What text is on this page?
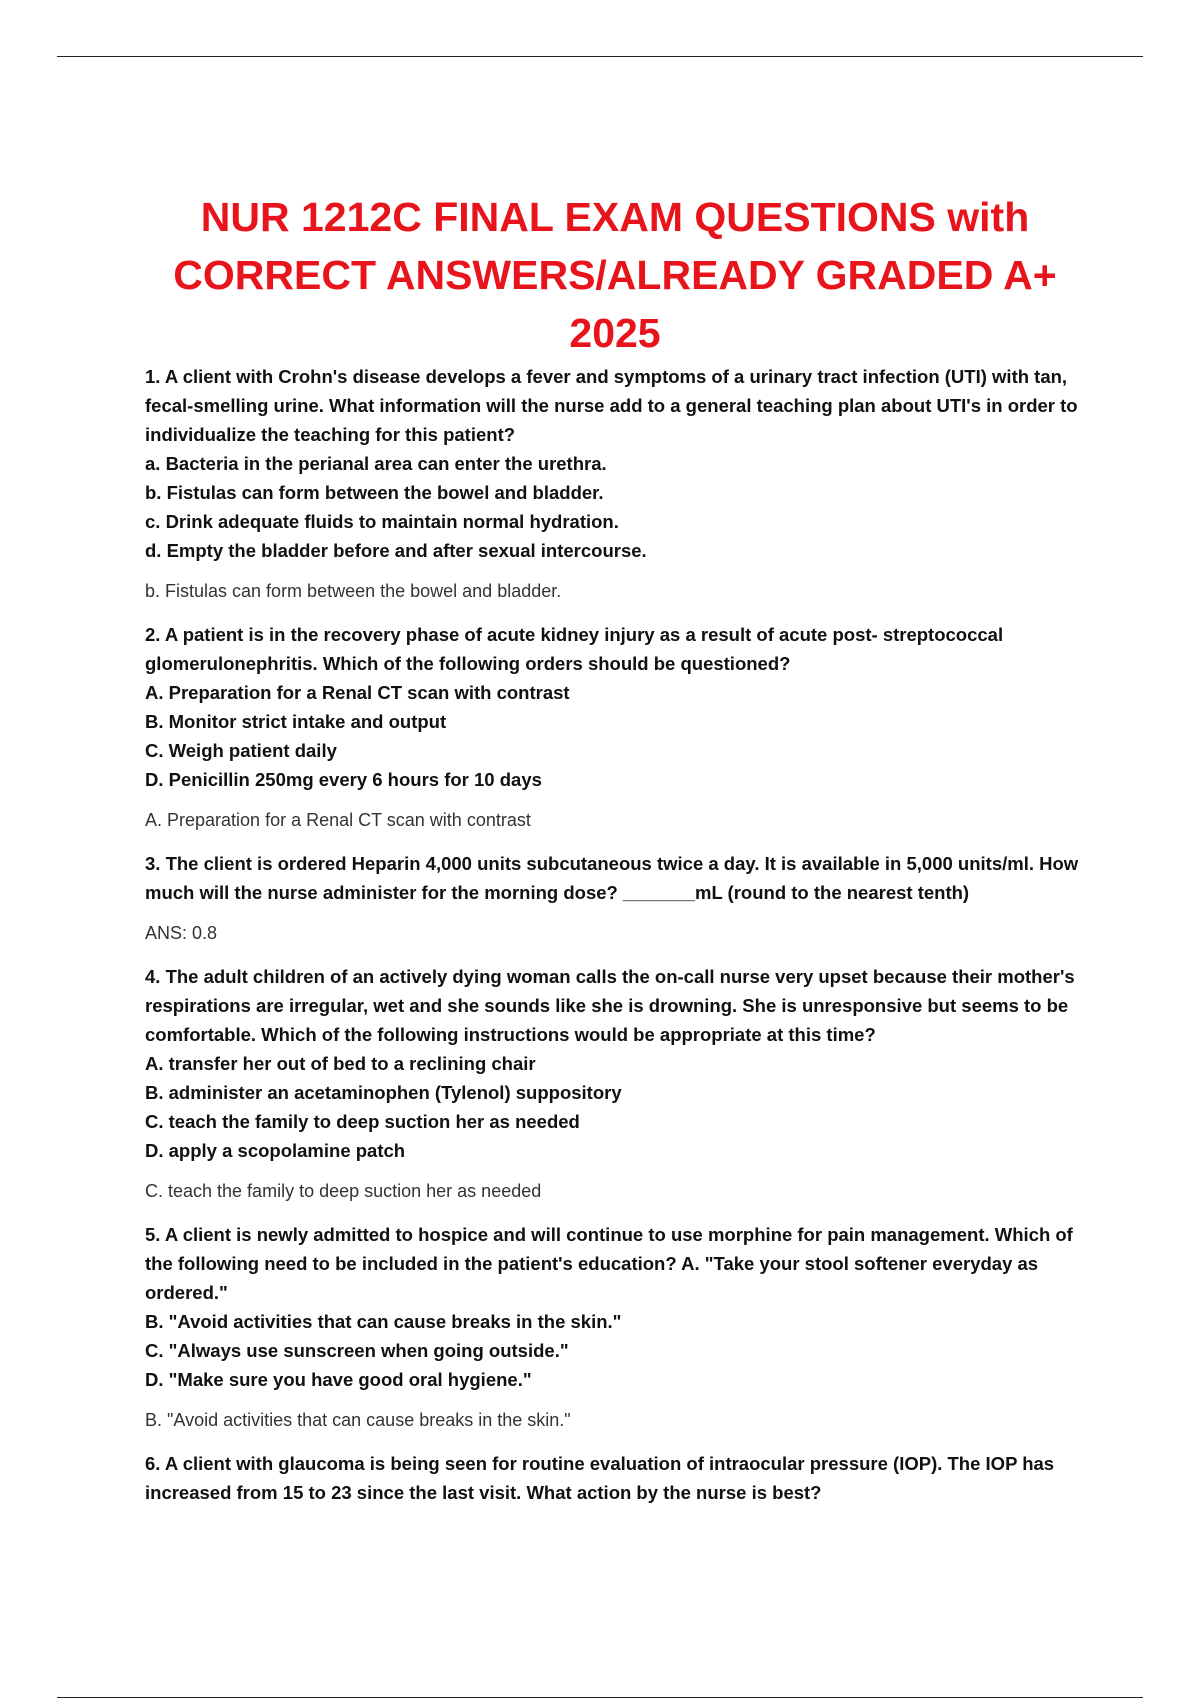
NUR 1212C FINAL EXAM QUESTIONS with
CORRECT ANSWERS/ALREADY GRADED A+
2025

1. A client with Crohn's disease develops a fever and symptoms of a urinary tract infection (UTI) with tan, fecal-smelling urine. What information will the nurse add to a general teaching plan about UTI's in order to individualize the teaching for this patient?

a. Bacteria in the perianal area can enter the urethra.
b. Fistulas can form between the bowel and bladder.
c. Drink adequate fluids to maintain normal hydration.
d. Empty the bladder before and after sexual intercourse.

b. Fistulas can form between the bowel and bladder.

2. A patient is in the recovery phase of acute kidney injury as a result of acute post- streptococcal glomerulonephritis. Which of the following orders should be questioned?

A. Preparation for a Renal CT scan with contrast
B. Monitor strict intake and output
C. Weigh patient daily
D. Penicillin 250mg every 6 hours for 10 days

A. Preparation for a Renal CT scan with contrast

3. The client is ordered Heparin 4,000 units subcutaneous twice a day. It is available in 5,000 units/ml. How much will the nurse administer for the morning dose? _______mL (round to the nearest tenth)

ANS: 0.8

4. The adult children of an actively dying woman calls the on-call nurse very upset because their mother's respirations are irregular, wet and she sounds like she is drowning. She is unresponsive but seems to be comfortable. Which of the following instructions would be appropriate at this time?

A. transfer her out of bed to a reclining chair
B. administer an acetaminophen (Tylenol) suppository
C. teach the family to deep suction her as needed
D. apply a scopolamine patch

C. teach the family to deep suction her as needed

5. A client is newly admitted to hospice and will continue to use morphine for pain management. Which of the following need to be included in the patient's education? A. "Take your stool softener everyday as ordered."

B. "Avoid activities that can cause breaks in the skin."
C. "Always use sunscreen when going outside."
D. "Make sure you have good oral hygiene."

B. "Avoid activities that can cause breaks in the skin."

6. A client with glaucoma is being seen for routine evaluation of intraocular pressure (IOP). The IOP has increased from 15 to 23 since the last visit. What action by the nurse is best?
